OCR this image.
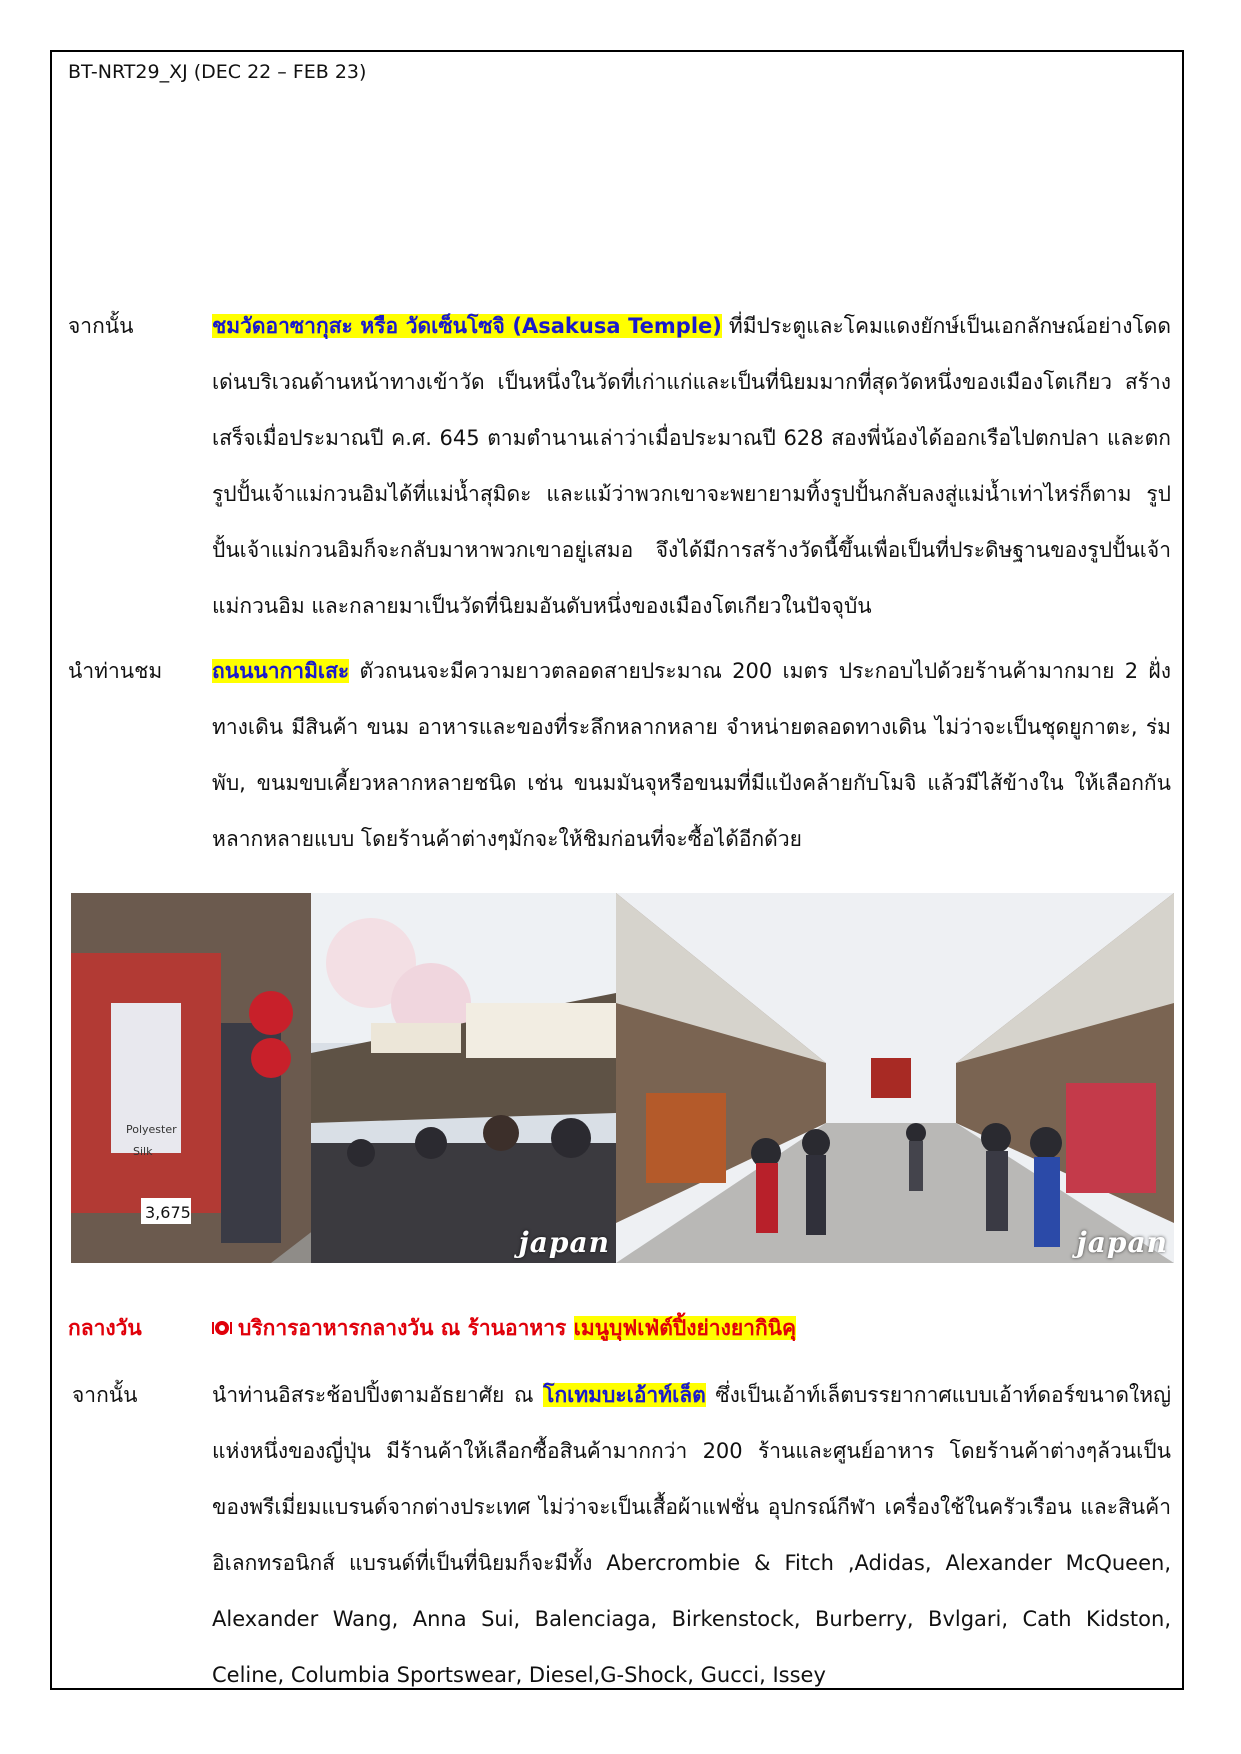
BT-NRT29_XJ (DEC 22 – FEB 23)
จากนั้น	ชมวัดอาซากุสะ หรือ วัดเซ็นโซจิ (Asakusa Temple) ที่มีประตูและโคมแดงยักษ์เป็นเอกลักษณ์อย่างโดดเด่นบริเวณด้านหน้าทางเข้าวัด เป็นหนึ่งในวัดที่เก่าแก่และเป็นที่นิยมมากที่สุดวัดหนึ่งของเมืองโตเกียว สร้างเสร็จเมื่อประมาณปี ค.ศ. 645 ตามตำนานเล่าว่าเมื่อประมาณปี 628 สองพี่น้องได้ออกเรือไปตกปลา และตกรูปปั้นเจ้าแม่กวนอิมได้ที่แม่น้ำสุมิดะ และแม้ว่าพวกเขาจะพยายามทิ้งรูปปั้นกลับลงสู่แม่น้ำเท่าไหร่ก็ตาม รูปปั้นเจ้าแม่กวนอิมก็จะกลับมาหาพวกเขาอยู่เสมอ จึงได้มีการสร้างวัดนี้ขึ้นเพื่อเป็นที่ประดิษฐานของรูปปั้นเจ้าแม่กวนอิม และกลายมาเป็นวัดที่นิยมอันดับหนึ่งของเมืองโตเกียวในปัจจุบัน
นำท่านชม ถนนนากามิเสะ ตัวถนนจะมีความยาวตลอดสายประมาณ 200 เมตร ประกอบไปด้วยร้านค้ามากมาย 2 ฝั่งทางเดิน มีสินค้า ขนม อาหารและของที่ระลึกหลากหลาย จำหน่ายตลอดทางเดิน ไม่ว่าจะเป็นชุดยูกาตะ, ร่มพับ, ขนมขบเคี้ยวหลากหลายชนิด เช่น ขนมมันจุหรือขนมที่มีแป้งคล้ายกับโมจิ แล้วมีไส้ข้างใน ให้เลือกกันหลากหลายแบบ โดยร้านค้าต่างๆมักจะให้ชิมก่อนที่จะซื้อได้อีกด้วย
3,675
Polyester
Silk
japan	japan
กลางวัน	บริการอาหารกลางวัน ณ ร้านอาหาร เมนูบุฟเฟ่ต์ปิ้งย่างยากินิคุ
จากนั้น	นำท่านอิสระช้อปปิ้งตามอัธยาศัย ณ โกเทมบะเอ้าท์เล็ต ซึ่งเป็นเอ้าท์เล็ตบรรยากาศแบบเอ้าท์ดอร์ขนาดใหญ่แห่งหนึ่งของญี่ปุ่น มีร้านค้าให้เลือกซื้อสินค้ามากกว่า 200 ร้านและศูนย์อาหาร โดยร้านค้าต่างๆล้วนเป็นของพรีเมี่ยมแบรนด์จากต่างประเทศ ไม่ว่าจะเป็นเสื้อผ้าแฟชั่น อุปกรณ์กีฬา เครื่องใช้ในครัวเรือน และสินค้าอิเลกทรอนิกส์ แบรนด์ที่เป็นที่นิยมก็จะมีทั้ง Abercrombie & Fitch ,Adidas, Alexander McQueen, Alexander Wang, Anna Sui, Balenciaga, Birkenstock, Burberry, Bvlgari, Cath Kidston, Celine, Columbia Sportswear, Diesel,G-Shock, Gucci, Issey
